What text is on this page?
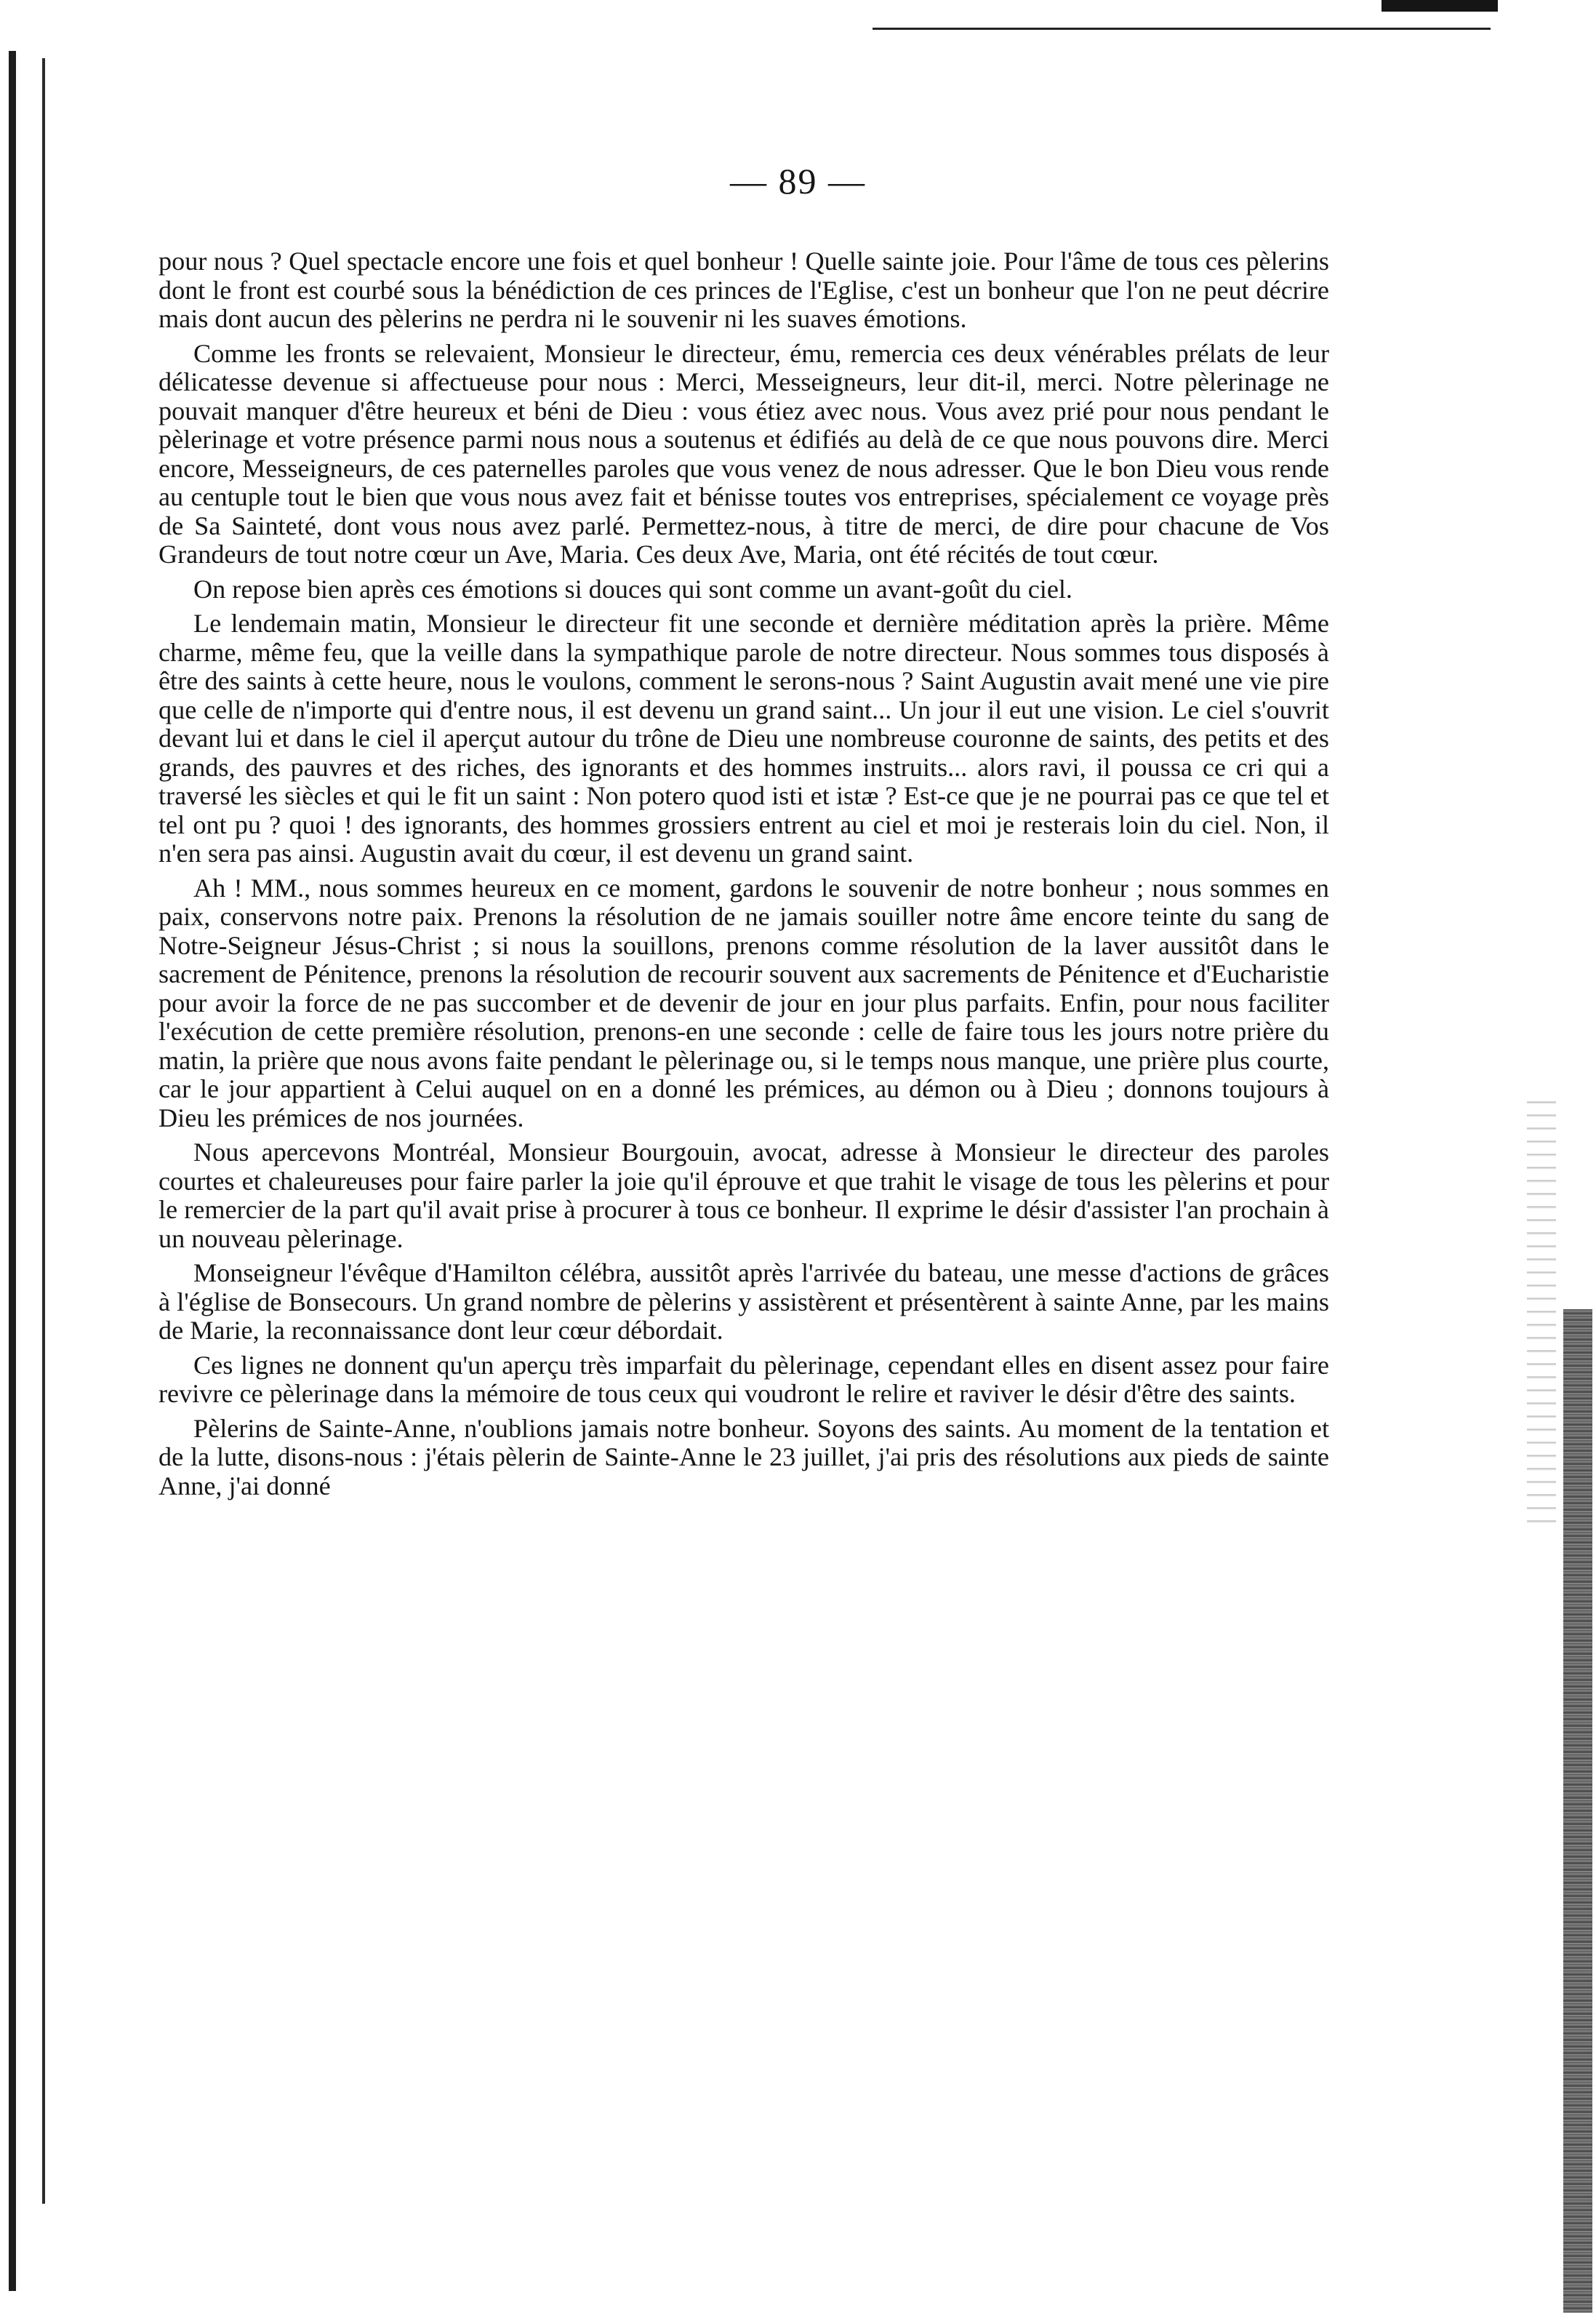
— 89 —

pour nous ? Quel spectacle encore une fois et quel bonheur ! Quelle sainte joie. Pour l'âme de tous ces pèlerins dont le front est courbé sous la bénédiction de ces princes de l'Eglise, c'est un bonheur que l'on ne peut décrire mais dont aucun des pèlerins ne perdra ni le souvenir ni les suaves émotions.

Comme les fronts se relevaient, Monsieur le directeur, ému, remercia ces deux vénérables prélats de leur délicatesse devenue si affectueuse pour nous : Merci, Messeigneurs, leur dit-il, merci. Notre pèlerinage ne pouvait manquer d'être heureux et béni de Dieu : vous étiez avec nous. Vous avez prié pour nous pendant le pèlerinage et votre présence parmi nous nous a soutenus et édifiés au delà de ce que nous pouvons dire. Merci encore, Messeigneurs, de ces paternelles paroles que vous venez de nous adresser. Que le bon Dieu vous rende au centuple tout le bien que vous nous avez fait et bénisse toutes vos entreprises, spécialement ce voyage près de Sa Sainteté, dont vous nous avez parlé. Permettez-nous, à titre de merci, de dire pour chacune de Vos Grandeurs de tout notre cœur un Ave, Maria. Ces deux Ave, Maria, ont été récités de tout cœur.

On repose bien après ces émotions si douces qui sont comme un avant-goût du ciel.

Le lendemain matin, Monsieur le directeur fit une seconde et dernière méditation après la prière. Même charme, même feu, que la veille dans la sympathique parole de notre directeur. Nous sommes tous disposés à être des saints à cette heure, nous le voulons, comment le serons-nous ? Saint Augustin avait mené une vie pire que celle de n'importe qui d'entre nous, il est devenu un grand saint... Un jour il eut une vision. Le ciel s'ouvrit devant lui et dans le ciel il aperçut autour du trône de Dieu une nombreuse couronne de saints, des petits et des grands, des pauvres et des riches, des ignorants et des hommes instruits... alors ravi, il poussa ce cri qui a traversé les siècles et qui le fit un saint : Non potero quod isti et istæ ? Est-ce que je ne pourrai pas ce que tel et tel ont pu ? quoi ! des ignorants, des hommes grossiers entrent au ciel et moi je resterais loin du ciel. Non, il n'en sera pas ainsi. Augustin avait du cœur, il est devenu un grand saint.

Ah ! MM., nous sommes heureux en ce moment, gardons le souvenir de notre bonheur ; nous sommes en paix, conservons notre paix. Prenons la résolution de ne jamais souiller notre âme encore teinte du sang de Notre-Seigneur Jésus-Christ ; si nous la souillons, prenons comme résolution de la laver aussitôt dans le sacrement de Pénitence, prenons la résolution de recourir souvent aux sacrements de Pénitence et d'Eucharistie pour avoir la force de ne pas succomber et de devenir de jour en jour plus parfaits. Enfin, pour nous faciliter l'exécution de cette première résolution, prenons-en une seconde : celle de faire tous les jours notre prière du matin, la prière que nous avons faite pendant le pèlerinage ou, si le temps nous manque, une prière plus courte, car le jour appartient à Celui auquel on en a donné les prémices, au démon ou à Dieu ; donnons toujours à Dieu les prémices de nos journées.

Nous apercevons Montréal, Monsieur Bourgouin, avocat, adresse à Monsieur le directeur des paroles courtes et chaleureuses pour faire parler la joie qu'il éprouve et que trahit le visage de tous les pèlerins et pour le remercier de la part qu'il avait prise à procurer à tous ce bonheur. Il exprime le désir d'assister l'an prochain à un nouveau pèlerinage.

Monseigneur l'évêque d'Hamilton célébra, aussitôt après l'arrivée du bateau, une messe d'actions de grâces à l'église de Bonsecours. Un grand nombre de pèlerins y assistèrent et présentèrent à sainte Anne, par les mains de Marie, la reconnaissance dont leur cœur débordait.

Ces lignes ne donnent qu'un aperçu très imparfait du pèlerinage, cependant elles en disent assez pour faire revivre ce pèlerinage dans la mémoire de tous ceux qui voudront le relire et raviver le désir d'être des saints.

Pèlerins de Sainte-Anne, n'oublions jamais notre bonheur. Soyons des saints. Au moment de la tentation et de la lutte, disons-nous : j'étais pèlerin de Sainte-Anne le 23 juillet, j'ai pris des résolutions aux pieds de sainte Anne, j'ai donné
